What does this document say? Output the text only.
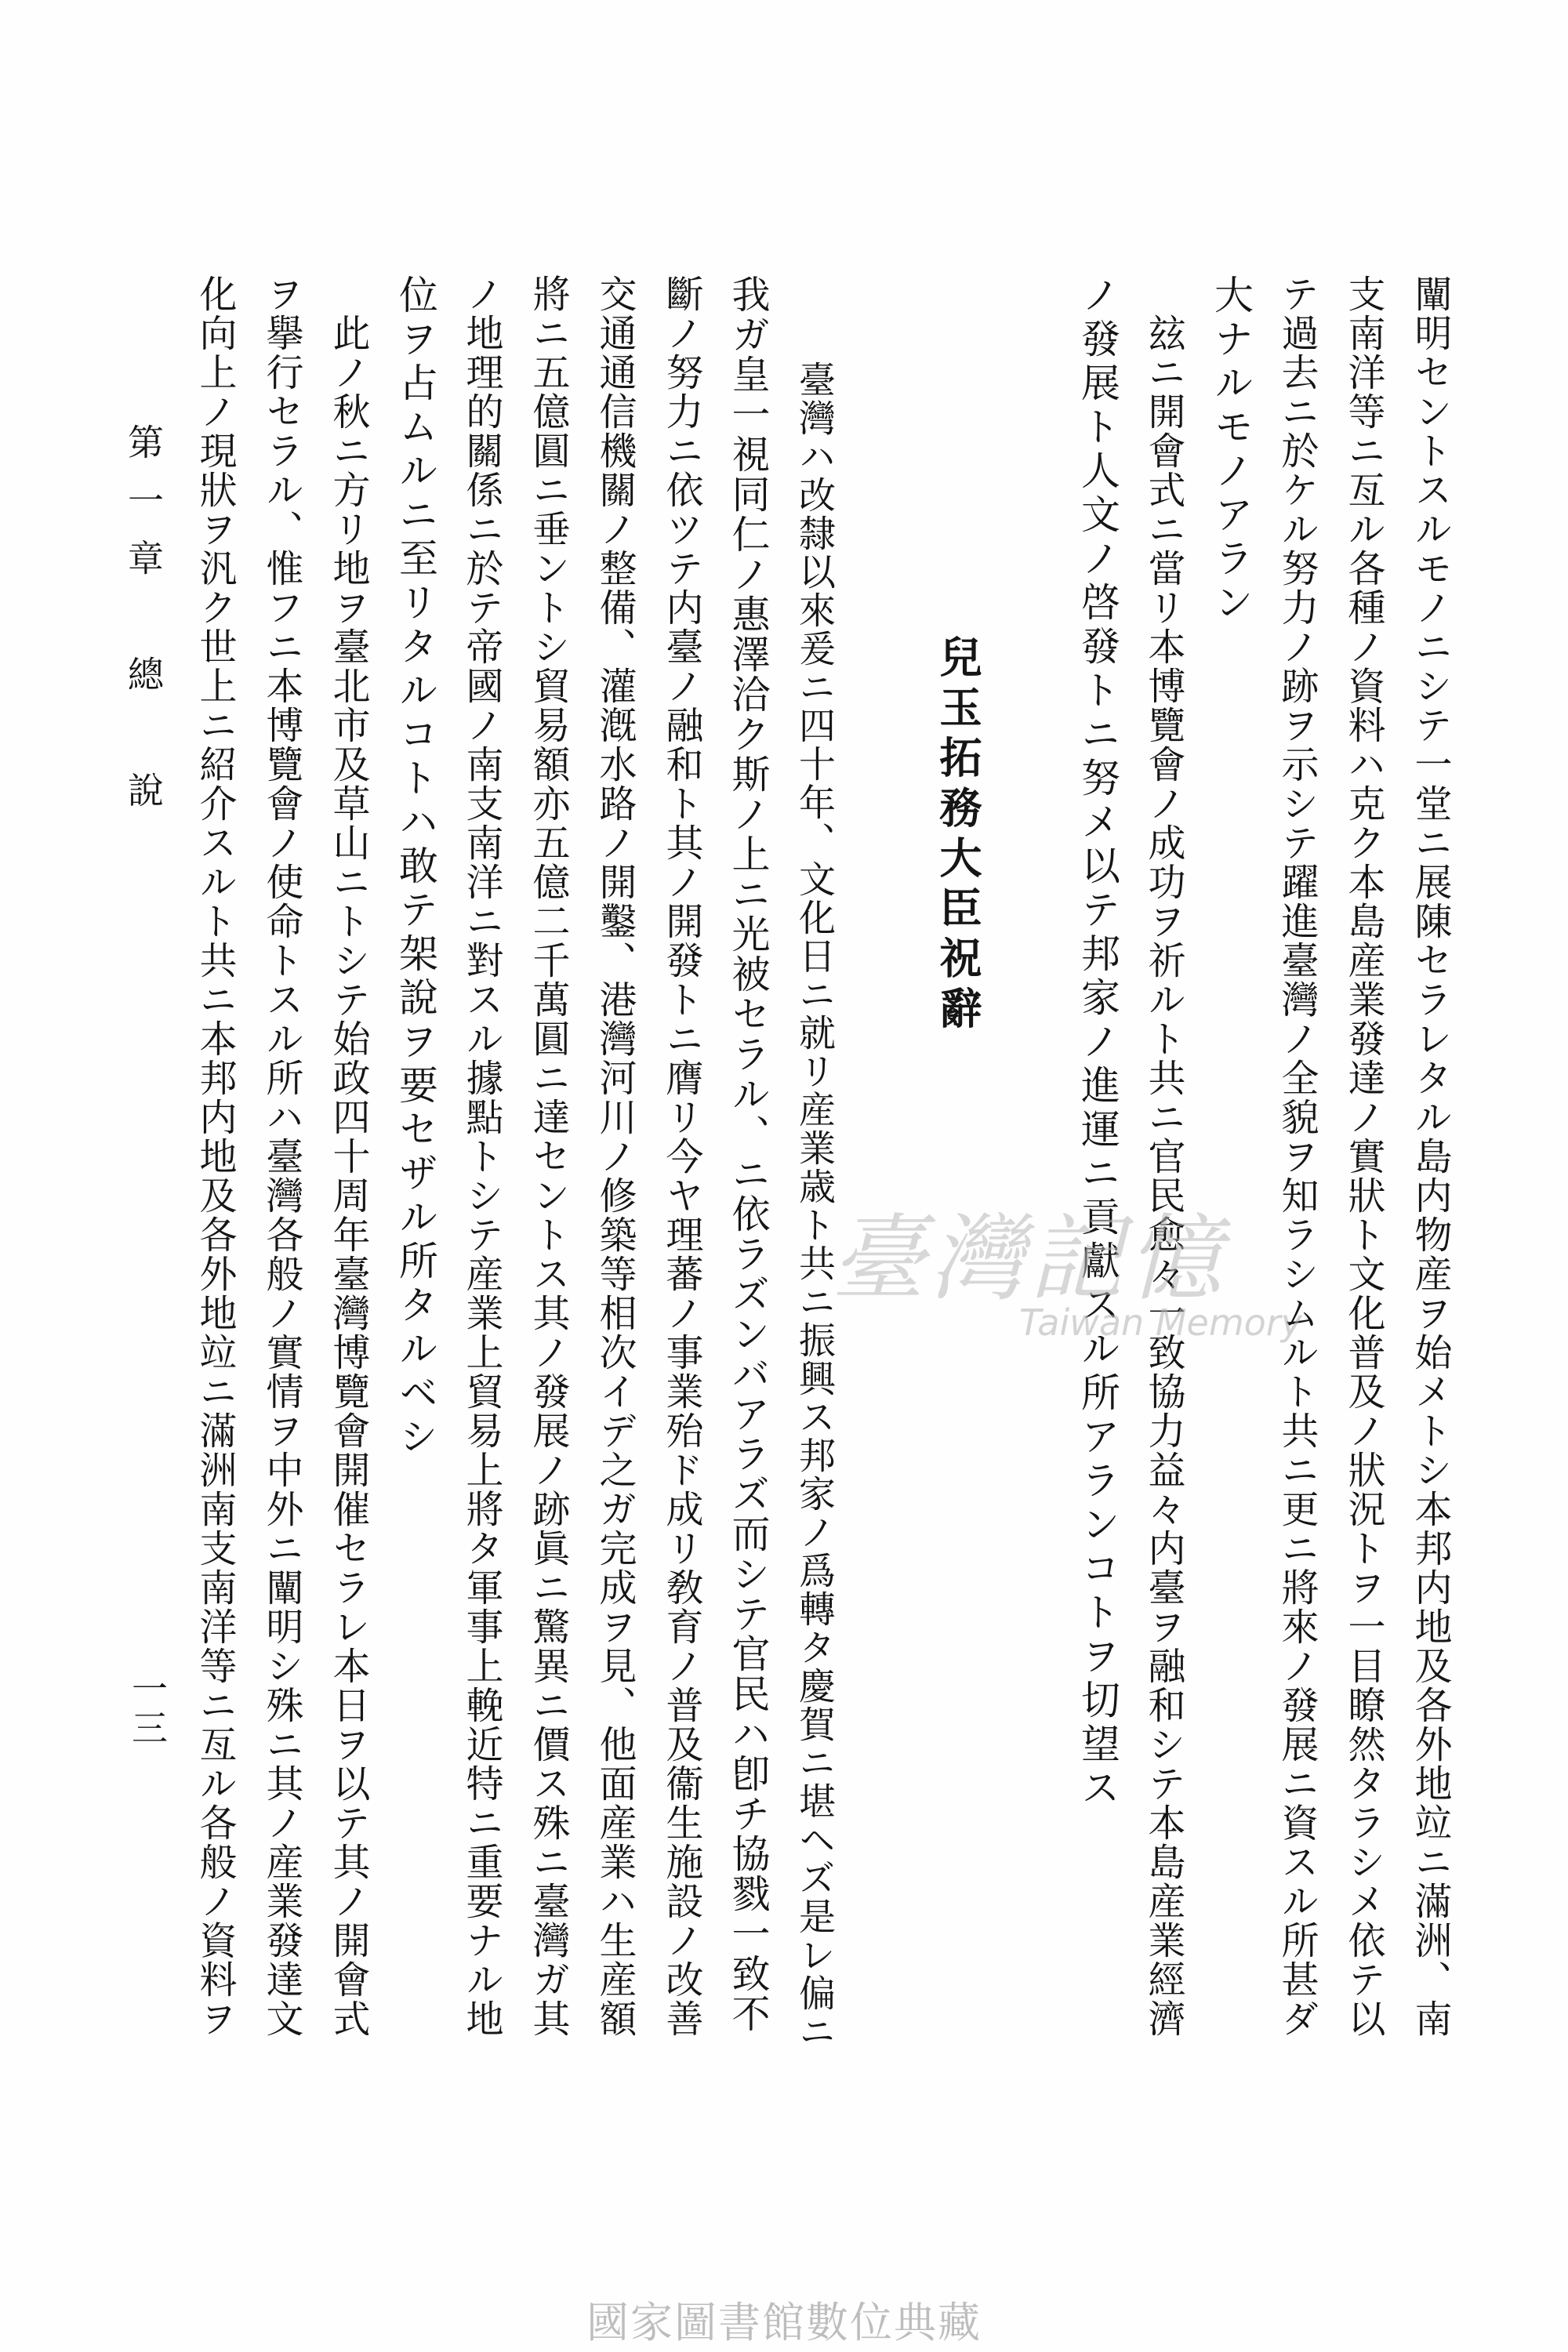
闡明セントスルモノニシテ一堂ニ展陳セラレタル島内物産ヲ始メトシ本邦内地及各外地竝ニ滿洲、南
支南洋等ニ亙ル各種ノ資料ハ克ク本島産業發達ノ實狀ト文化普及ノ狀況トヲ一目瞭然タラシメ依テ以
テ過去ニ於ケル努力ノ跡ヲ示シテ躍進臺灣ノ全貌ヲ知ラシムルト共ニ更ニ將來ノ發展ニ資スル所甚ダ
大ナルモノアラン
玆ニ開會式ニ當リ本博覽會ノ成功ヲ祈ルト共ニ官民愈々一致協力益々内臺ヲ融和シテ本島産業經濟
ノ發展ト人文ノ啓發トニ努メ以テ邦家ノ進運ニ貢獻スル所アランコトヲ切望ス
兒玉拓務大臣祝辭
臺灣ハ改隸以來爰ニ四十年、文化日ニ就リ産業歳ト共ニ振興ス邦家ノ爲轉タ慶賀ニ堪ヘズ是レ偏ニ
我ガ皇一視同仁ノ惠澤洽ク斯ノ上ニ光被セラル、ニ依ラズンバアラズ而シテ官民ハ卽チ協戮一致不
斷ノ努力ニ依ツテ内臺ノ融和ト其ノ開發トニ膺リ今ヤ理蕃ノ事業殆ド成リ敎育ノ普及衞生施設ノ改善
交通通信機關ノ整備、灌漑水路ノ開鑿、港灣河川ノ修築等相次イデ之ガ完成ヲ見、他面産業ハ生産額
將ニ五億圓ニ垂ントシ貿易額亦五億二千萬圓ニ達セントス其ノ發展ノ跡眞ニ驚異ニ價ス殊ニ臺灣ガ其
ノ地理的關係ニ於テ帝國ノ南支南洋ニ對スル據點トシテ産業上貿易上將タ軍事上輓近特ニ重要ナル地
位ヲ占ムルニ至リタルコトハ敢テ架說ヲ要セザル所タルベシ
此ノ秋ニ方リ地ヲ臺北市及草山ニトシテ始政四十周年臺灣博覽會開催セラレ本日ヲ以テ其ノ開會式
ヲ擧行セラル、惟フニ本博覽會ノ使命トスル所ハ臺灣各般ノ實情ヲ中外ニ闡明シ殊ニ其ノ産業發達文
化向上ノ現狀ヲ汎ク世上ニ紹介スルト共ニ本邦内地及各外地竝ニ滿洲南支南洋等ニ亙ル各般ノ資料ヲ
第一章　總　說
一三
臺灣記憶
Taiwan Memory
國家圖書館數位典藏
